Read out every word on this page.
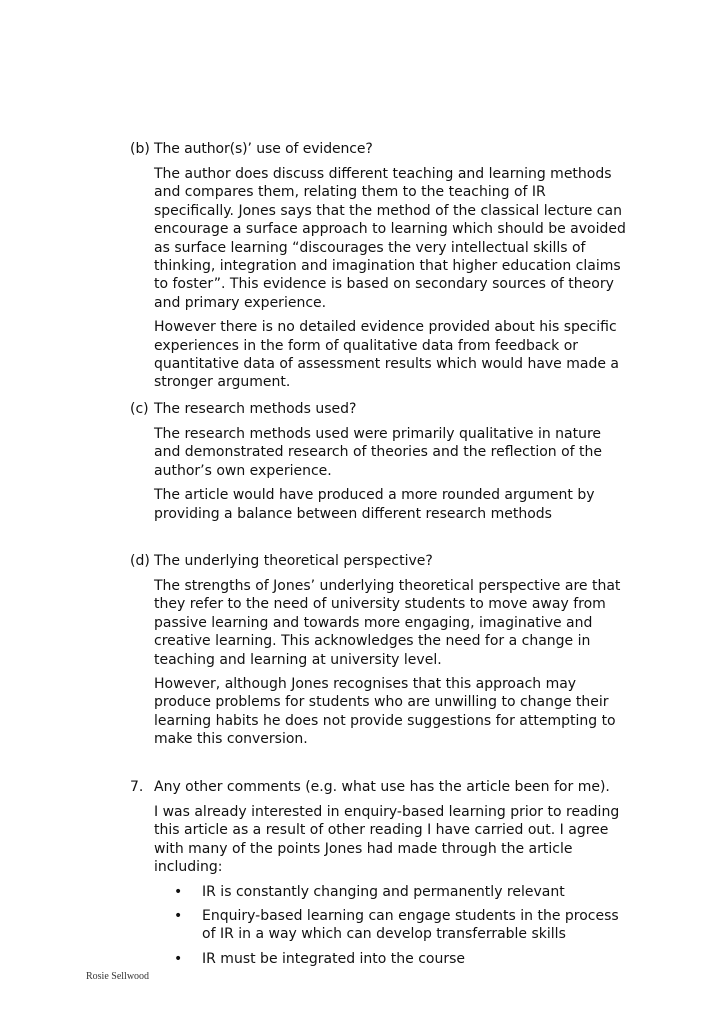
(b) The author(s)’ use of evidence?

The author does discuss different teaching and learning methods and compares them, relating them to the teaching of IR specifically. Jones says that the method of the classical lecture can encourage a surface approach to learning which should be avoided as surface learning “discourages the very intellectual skills of thinking, integration and imagination that higher education claims to foster”. This evidence is based on secondary sources of theory and primary experience.

However there is no detailed evidence provided about his specific experiences in the form of qualitative data from feedback or quantitative data of assessment results which would have made a stronger argument.

(c) The research methods used?

The research methods used were primarily qualitative in nature and demonstrated research of theories and the reflection of the author’s own experience.

The article would have produced a more rounded argument by providing a balance between different research methods

(d) The underlying theoretical perspective?

The strengths of Jones’ underlying theoretical perspective are that they refer to the need of university students to move away from passive learning and towards more engaging, imaginative and creative learning. This acknowledges the need for a change in teaching and learning at university level.

However, although Jones recognises that this approach may produce problems for students who are unwilling to change their learning habits he does not provide suggestions for attempting to make this conversion.

7. Any other comments (e.g. what use has the article been for me).

I was already interested in enquiry-based learning prior to reading this article as a result of other reading I have carried out. I agree with many of the points Jones had made through the article including:

•	IR is constantly changing and permanently relevant
•	Enquiry-based learning can engage students in the process of IR in a way which can develop transferrable skills
•	IR must be integrated into the course
Rosie Sellwood
